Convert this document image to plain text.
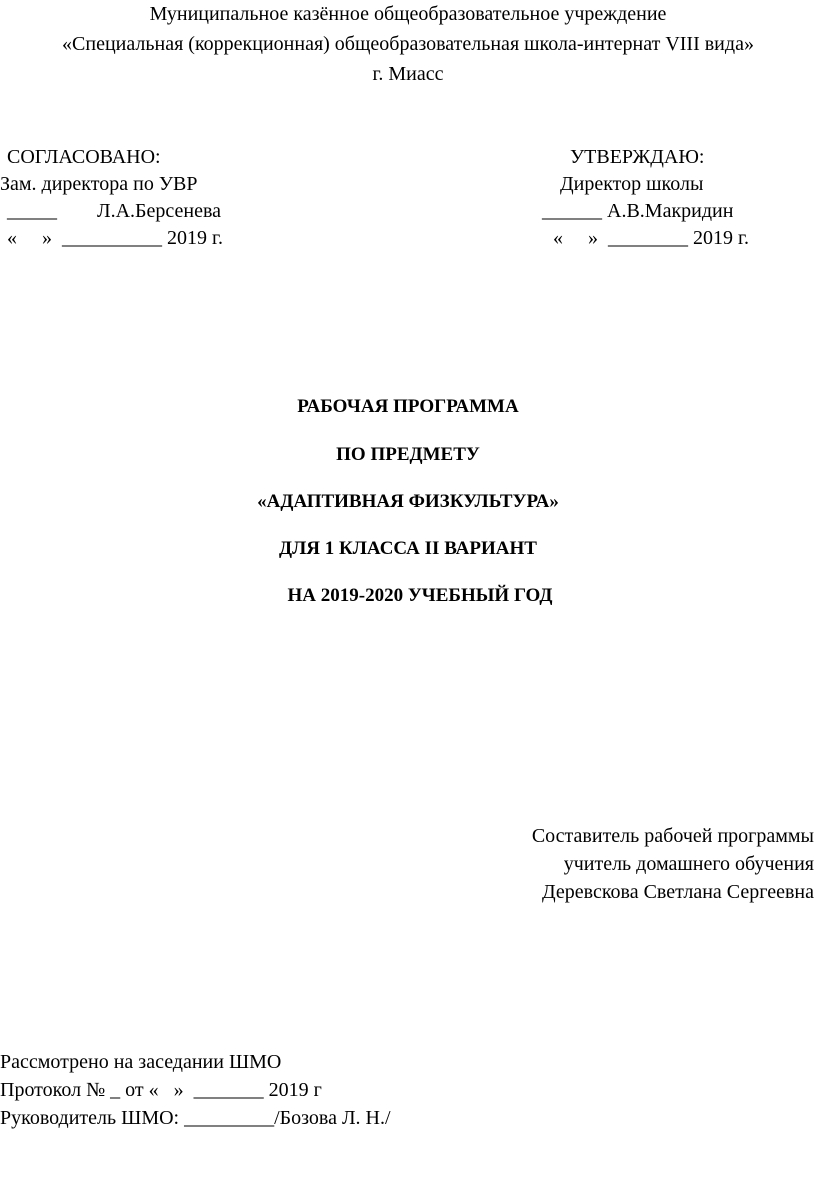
Муниципальное казённое общеобразовательное учреждение
«Специальная (коррекционная) общеобразовательная школа-интернат VIII вида»
г. Миасс
СОГЛАСОВАНО:
Зам. директора по УВР
_____        Л.А.Берсенева
«     »  __________ 2019 г.
УТВЕРЖДАЮ:
Директор школы
______ А.В.Макридин
«     »  ________ 2019 г.
РАБОЧАЯ ПРОГРАММА
ПО ПРЕДМЕТУ
«АДАПТИВНАЯ ФИЗКУЛЬТУРА»
ДЛЯ 1 КЛАССА II ВАРИАНТ
НА 2019-2020 УЧЕБНЫЙ ГОД
Составитель рабочей программы
учитель домашнего обучения
Деревскова Светлана Сергеевна
Рассмотрено на заседании ШМО
Протокол № _ от «   »  _______ 2019 г
Руководитель ШМО: _________/Бозова Л. Н./
